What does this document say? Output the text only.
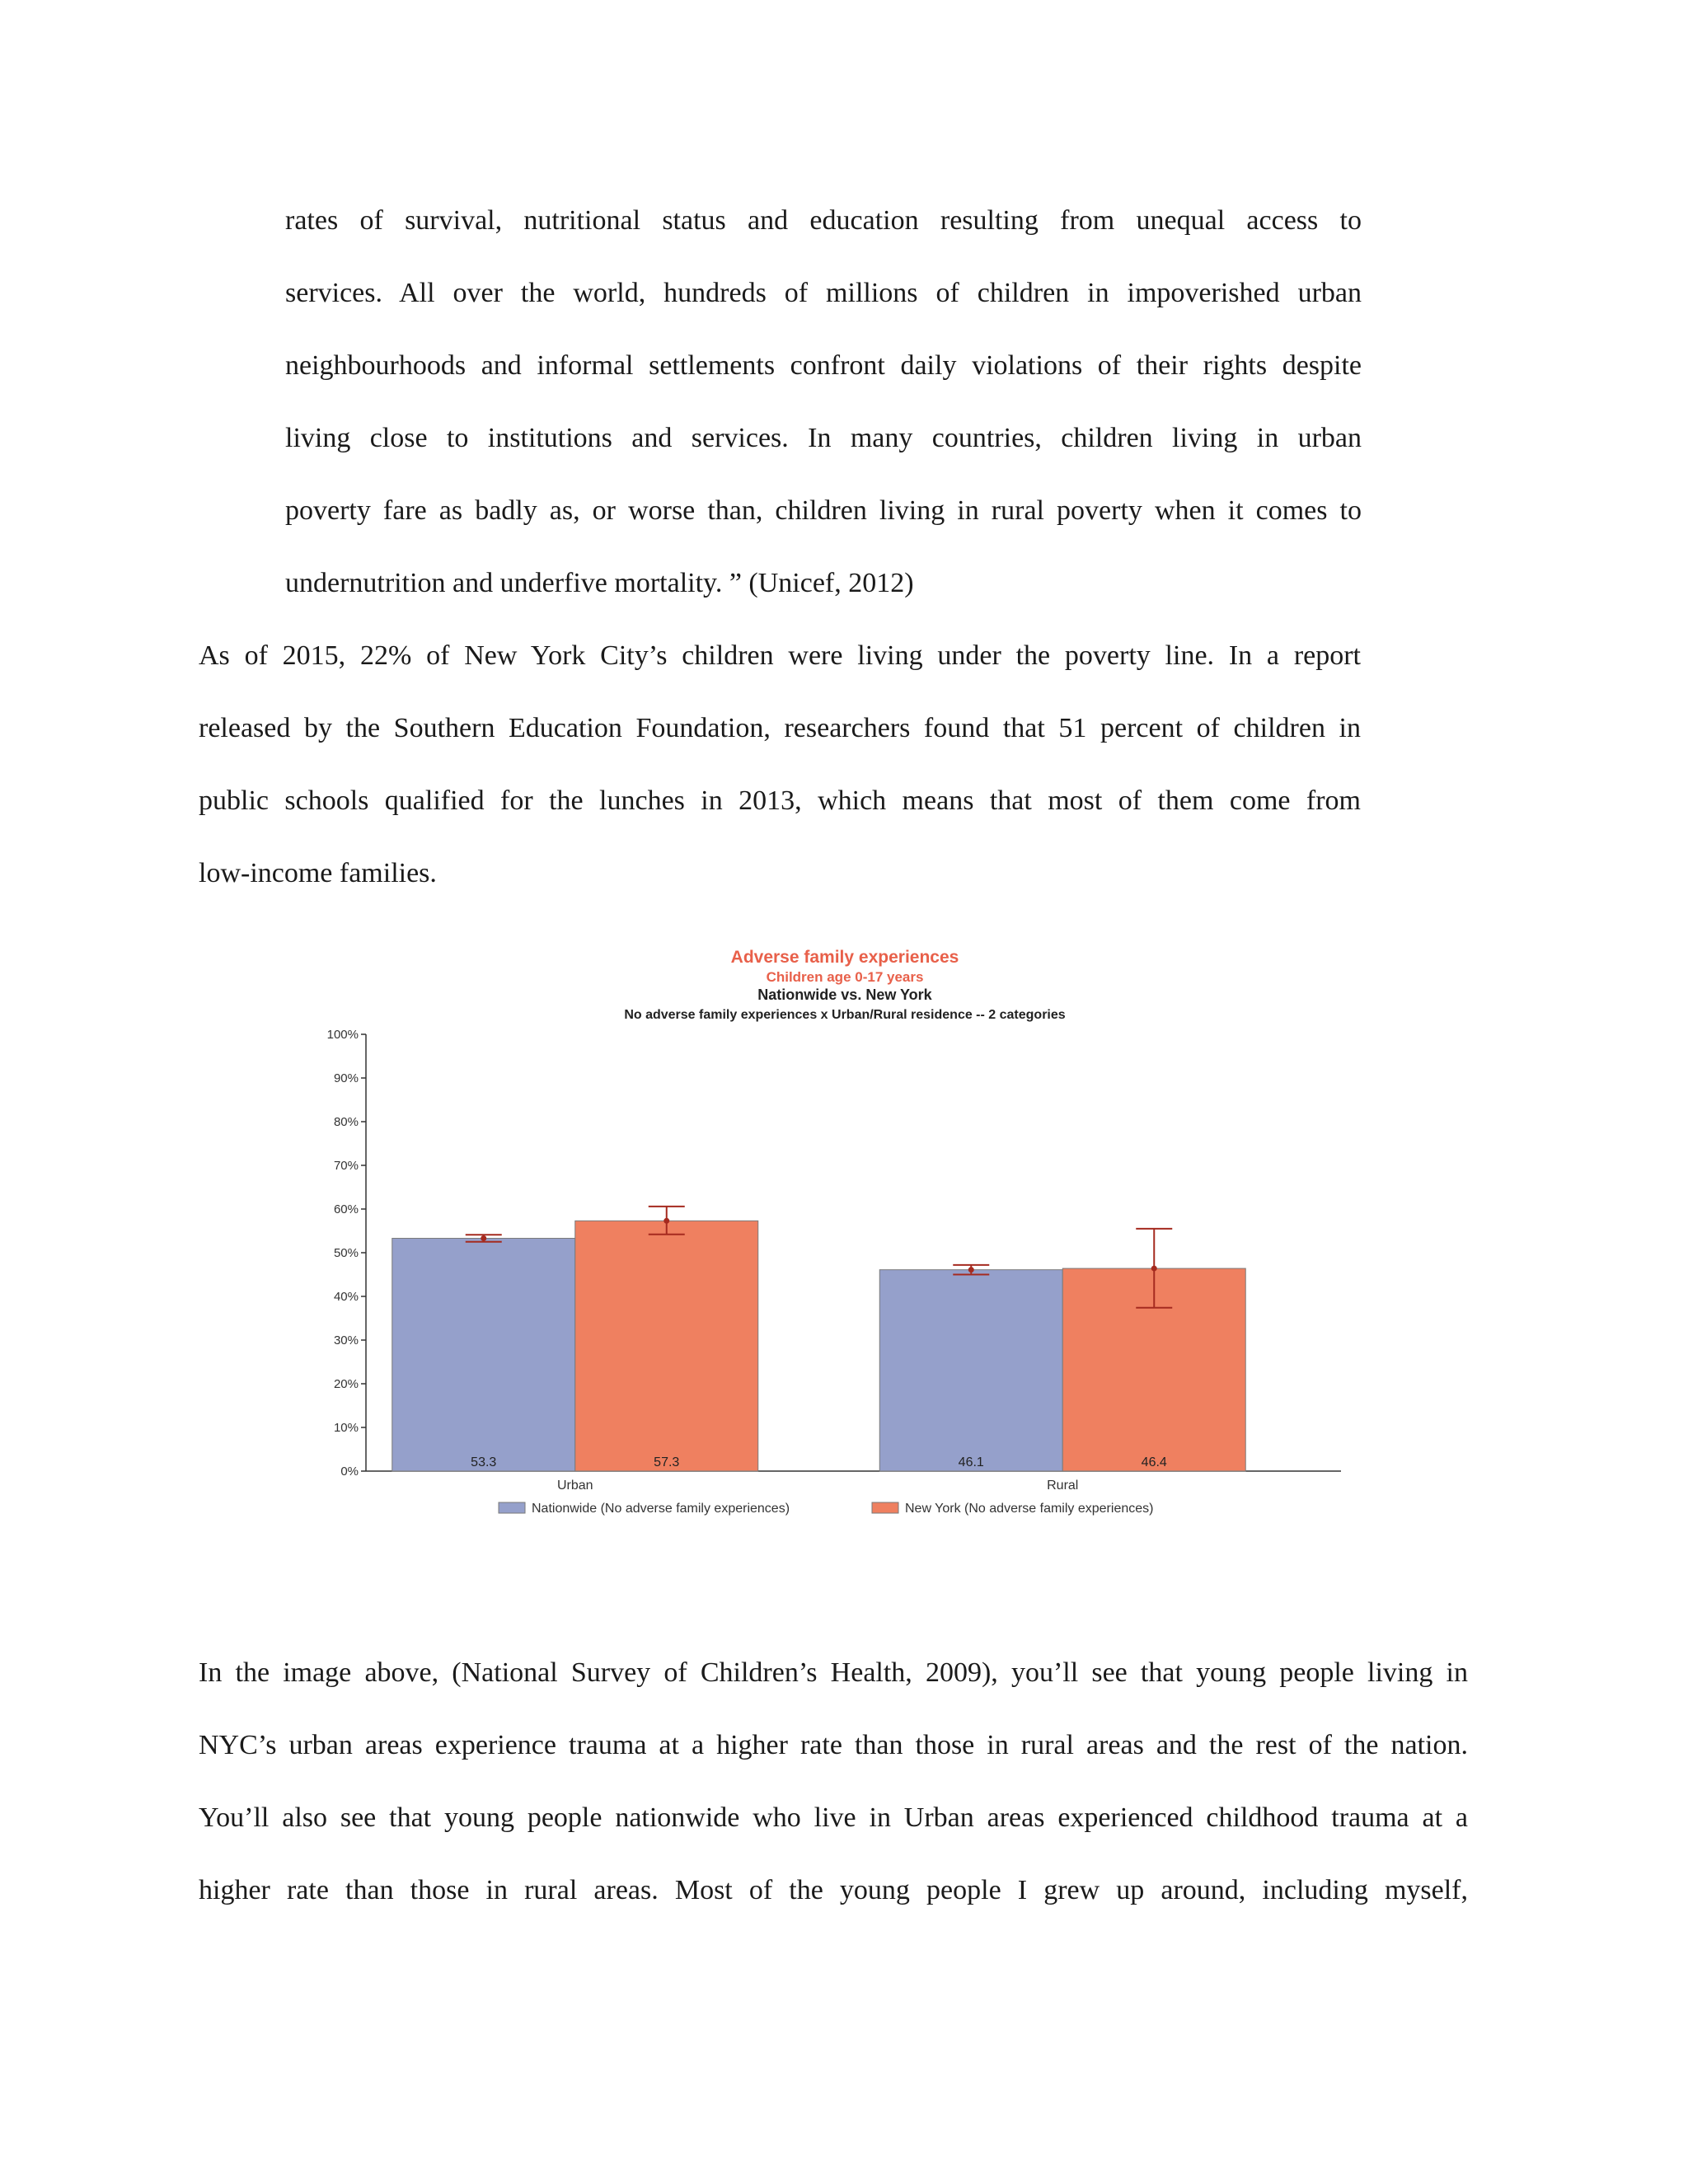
rates of survival, nutritional status and education resulting from unequal access to
services. All over the world, hundreds of millions of children in impoverished urban
neighbourhoods and informal settlements confront daily violations of their rights despite
living close to institutions and services. In many countries, children living in urban
poverty fare as badly as, or worse than, children living in rural poverty when it comes to
undernutrition and underfive mortality. ” (Unicef, 2012)
As of 2015, 22% of New York City’s children were living under the poverty line. In a report
released by the Southern Education Foundation, researchers found that 51 percent of children in
public schools qualified for the lunches in 2013, which means that most of them come from
low-income families.
Adverse family experiences
Children age 0-17 years
Nationwide vs. New York
No adverse family experiences x Urban/Rural residence -- 2 categories
0%
10%
20%
30%
40%
50%
60%
70%
80%
90%
100%
53.3	57.3
Urban
46.1	46.4
Rural
Nationwide (No adverse family experiences)	New York (No adverse family experiences)
In the image above, (National Survey of Children’s Health, 2009), you’ll see that young people living in
NYC’s urban areas experience trauma at a higher rate than those in rural areas and the rest of the nation.
You’ll also see that young people nationwide who live in Urban areas experienced childhood trauma at a
higher rate than those in rural areas. Most of the young people I grew up around, including myself,
